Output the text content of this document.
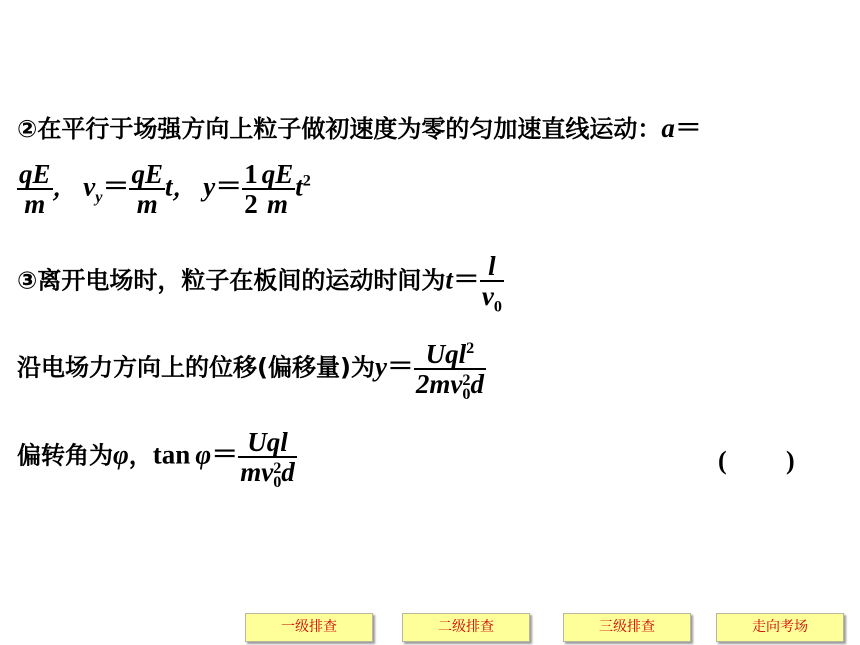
②在平行于场强方向上粒子做初速度为零的匀加速直线运动：a＝
$\frac{qE}{m}$ ， $v_y= \frac{qE}{m}$ t， $y= \frac{1}{2} \frac{qE}{m} t^2$
③离开电场时，粒子在板间的运动时间为$t= \frac{l}{v_0}$
沿电场力方向上的位移(偏移量)为y＝ Uql$^2$
2mv 2
0 d
偏转角为φ，tan φ＝ Uql
mv 2
0 d	( )
一级排查	二级排查	三级排查	走向考场
